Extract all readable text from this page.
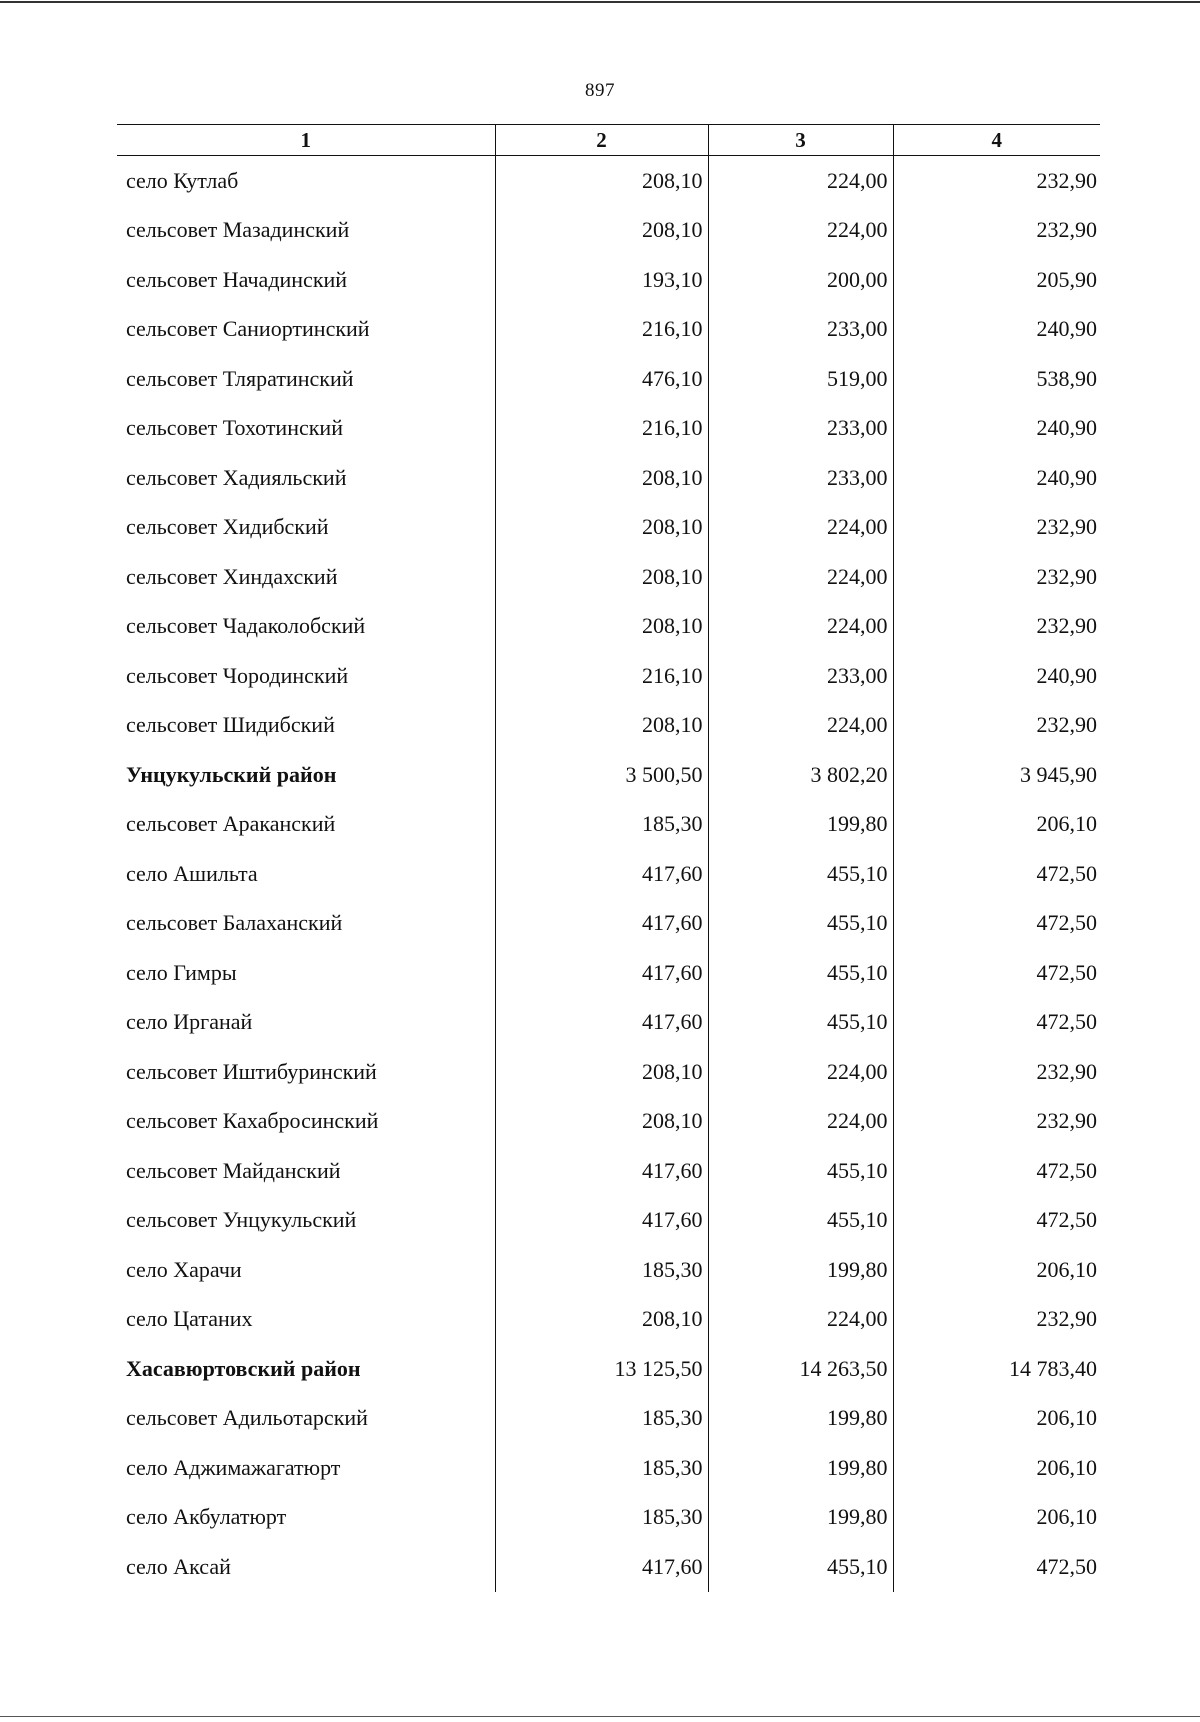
897
1	2	3	4
село Кутлаб	208,10	224,00	232,90
сельсовет Мазадинский	208,10	224,00	232,90
сельсовет Начадинский	193,10	200,00	205,90
сельсовет Саниортинский	216,10	233,00	240,90
сельсовет Тляратинский	476,10	519,00	538,90
сельсовет Тохотинский	216,10	233,00	240,90
сельсовет Хадияльский	208,10	233,00	240,90
сельсовет Хидибский	208,10	224,00	232,90
сельсовет Хиндахский	208,10	224,00	232,90
сельсовет Чадаколобский	208,10	224,00	232,90
сельсовет Чородинский	216,10	233,00	240,90
сельсовет Шидибский	208,10	224,00	232,90
Унцукульский район	3 500,50	3 802,20	3 945,90
сельсовет Араканский	185,30	199,80	206,10
село Ашильта	417,60	455,10	472,50
сельсовет Балаханский	417,60	455,10	472,50
село Гимры	417,60	455,10	472,50
село Ирганай	417,60	455,10	472,50
сельсовет Иштибуринский	208,10	224,00	232,90
сельсовет Кахабросинский	208,10	224,00	232,90
сельсовет Майданский	417,60	455,10	472,50
сельсовет Унцукульский	417,60	455,10	472,50
село Харачи	185,30	199,80	206,10
село Цатаних	208,10	224,00	232,90
Хасавюртовский район	13 125,50	14 263,50	14 783,40
сельсовет Адильотарский	185,30	199,80	206,10
село Аджимажагатюрт	185,30	199,80	206,10
село Акбулатюрт	185,30	199,80	206,10
село Аксай	417,60	455,10	472,50
